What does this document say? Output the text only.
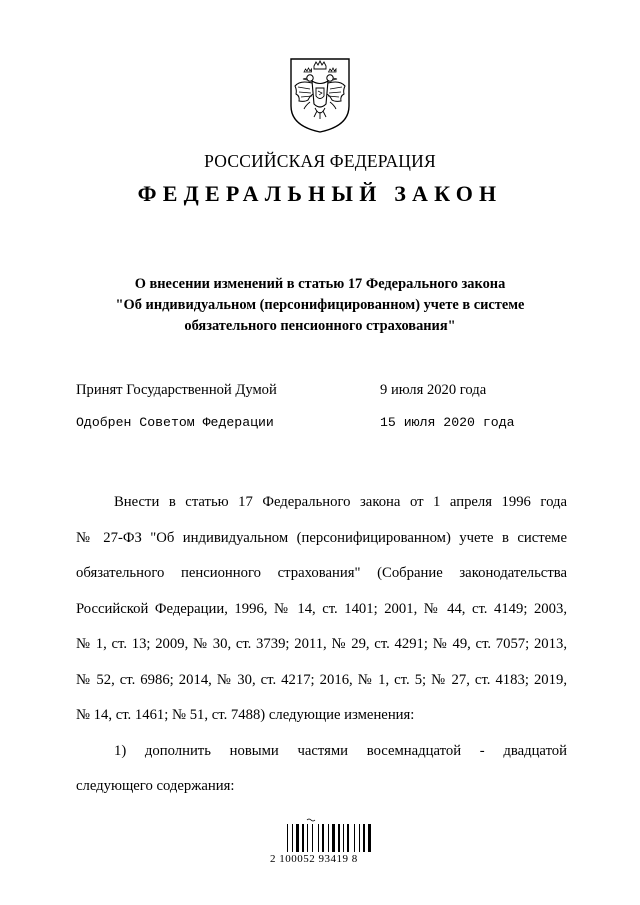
РОССИЙСКАЯ ФЕДЕРАЦИЯ
ФЕДЕРАЛЬНЫЙ ЗАКОН
О внесении изменений в статью 17 Федерального закона
"Об индивидуальном (персонифицированном) учете в системе
обязательного пенсионного страхования"
Принят Государственной Думой	9 июля 2020 года
Одобрен Советом Федерации	15 июля 2020 года
Внести в статью 17 Федерального закона от 1 апреля 1996 года
№ 27-ФЗ "Об индивидуальном (персонифицированном) учете в системе
обязательного пенсионного страхования" (Собрание законодательства
Российской Федерации, 1996, № 14, ст. 1401; 2001, № 44, ст. 4149; 2003,
№ 1, ст. 13; 2009, № 30, ст. 3739; 2011, № 29, ст. 4291; № 49, ст. 7057; 2013,
№ 52, ст. 6986; 2014, № 30, ст. 4217; 2016, № 1, ст. 5; № 27, ст. 4183; 2019,
№ 14, ст. 1461; № 51, ст. 7488) следующие изменения:
1) дополнить новыми частями восемнадцатой - двадцатой
следующего содержания:
2 100052 93419 8
